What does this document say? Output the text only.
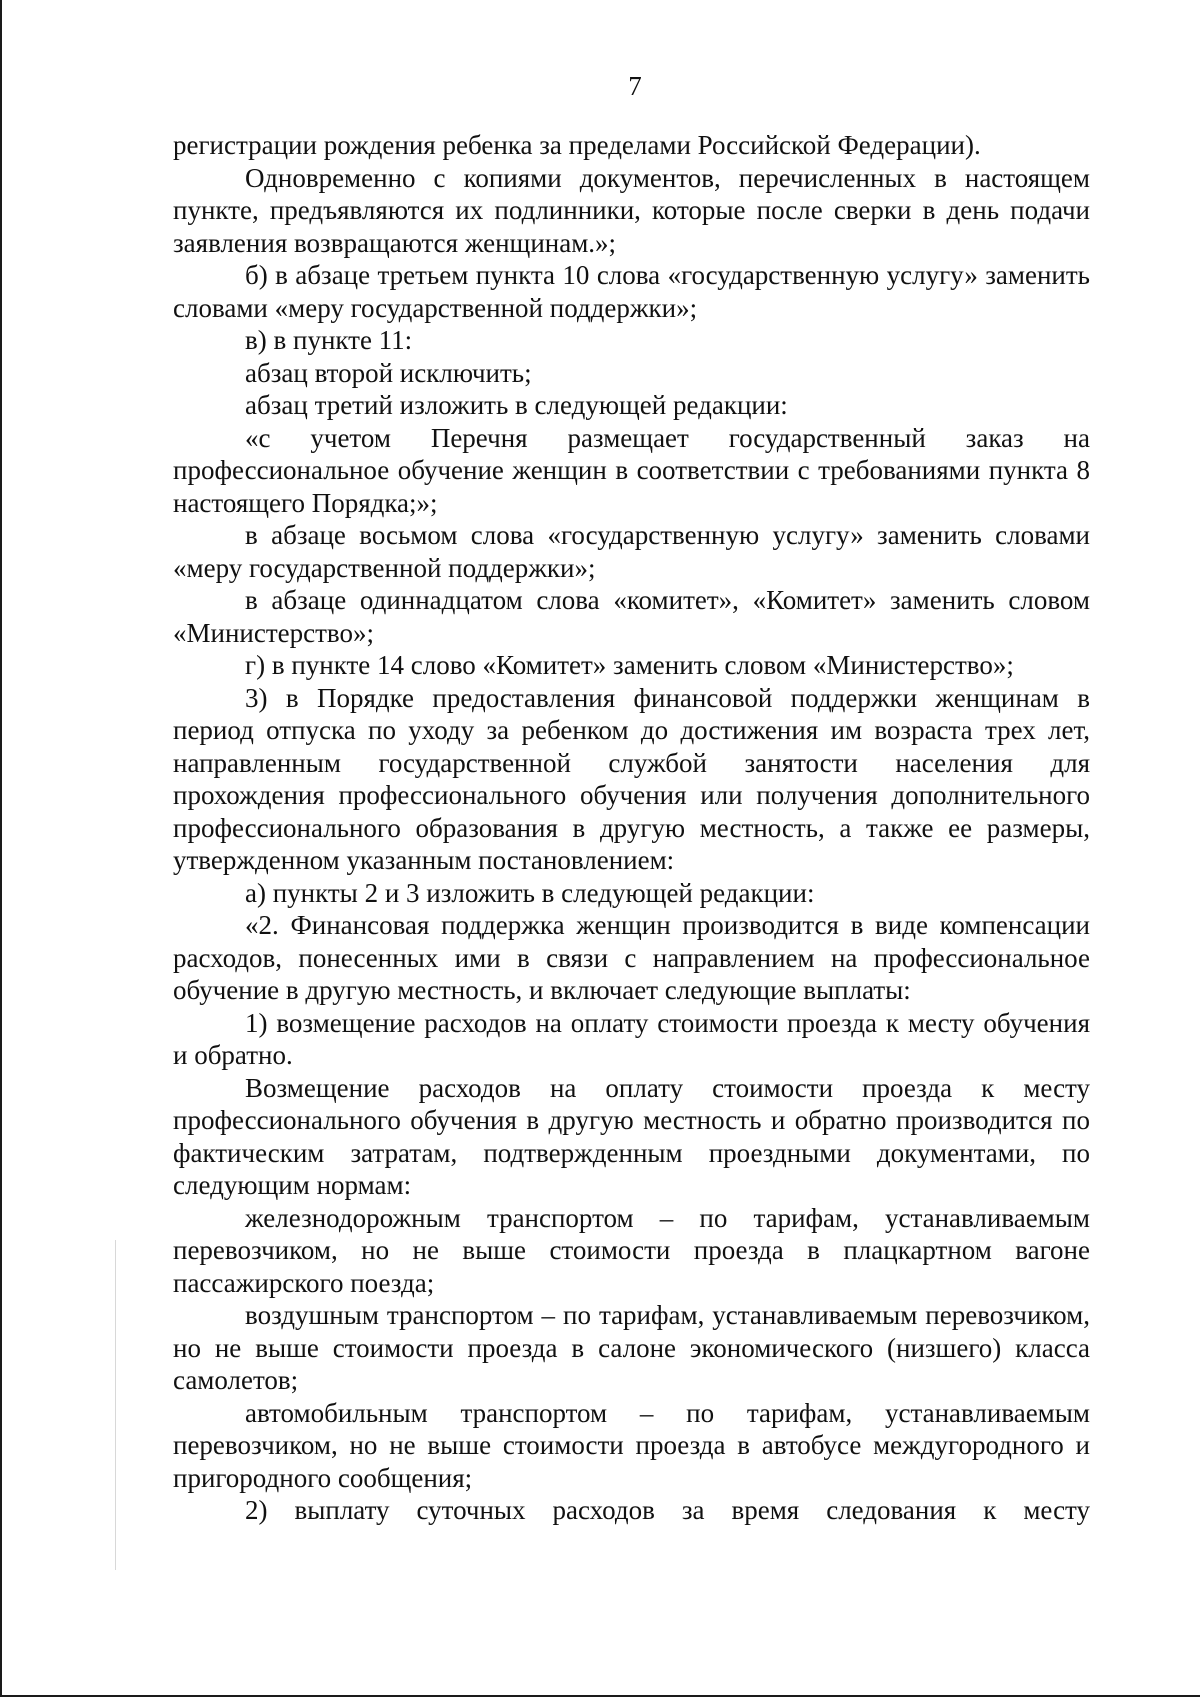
7

регистрации рождения ребенка за пределами Российской Федерации).

Одновременно с копиями документов, перечисленных в настоящем пункте, предъявляются их подлинники, которые после сверки в день подачи заявления возвращаются женщинам.»;

б) в абзаце третьем пункта 10 слова «государственную услугу» заменить словами «меру государственной поддержки»;

в) в пункте 11:

абзац второй исключить;

абзац третий изложить в следующей редакции:

«с учетом Перечня размещает государственный заказ на профессиональное обучение женщин в соответствии с требованиями пункта 8 настоящего Порядка;»;

в абзаце восьмом слова «государственную услугу» заменить словами «меру государственной поддержки»;

в абзаце одиннадцатом слова «комитет», «Комитет» заменить словом «Министерство»;

г) в пункте 14 слово «Комитет» заменить словом «Министерство»;

3) в Порядке предоставления финансовой поддержки женщинам в период отпуска по уходу за ребенком до достижения им возраста трех лет, направленным государственной службой занятости населения для прохождения профессионального обучения или получения дополнительного профессионального образования в другую местность, а также ее размеры, утвержденном указанным постановлением:

а) пункты 2 и 3 изложить в следующей редакции:

«2. Финансовая поддержка женщин производится в виде компенсации расходов, понесенных ими в связи с направлением на профессиональное обучение в другую местность, и включает следующие выплаты:

1) возмещение расходов на оплату стоимости проезда к месту обучения и обратно.

Возмещение расходов на оплату стоимости проезда к месту профессионального обучения в другую местность и обратно производится по фактическим затратам, подтвержденным проездными документами, по следующим нормам:

железнодорожным транспортом – по тарифам, устанавливаемым перевозчиком, но не выше стоимости проезда в плацкартном вагоне пассажирского поезда;

воздушным транспортом – по тарифам, устанавливаемым перевозчиком, но не выше стоимости проезда в салоне экономического (низшего) класса самолетов;

автомобильным транспортом – по тарифам, устанавливаемым перевозчиком, но не выше стоимости проезда в автобусе междугородного и пригородного сообщения;

2) выплату суточных расходов за время следования к месту
